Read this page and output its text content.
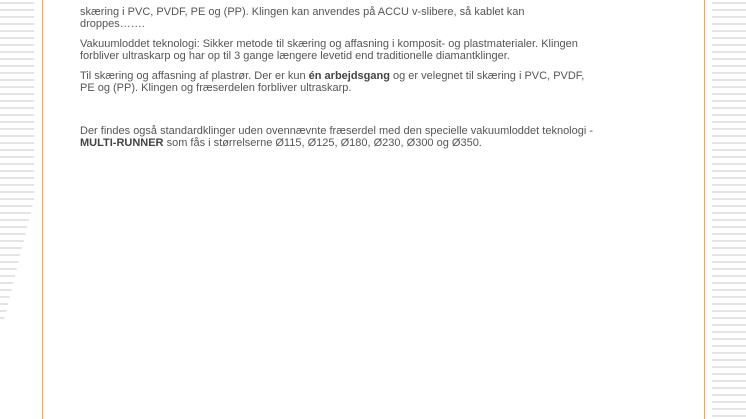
skæring i PVC, PVDF, PE og (PP). Klingen kan anvendes på ACCU v-slibere, så kablet kan
droppes…….

Vakuumloddet teknologi: Sikker metode til skæring og affasning i komposit- og plastmaterialer. Klingen
forbliver ultraskarp og har op til 3 gange længere levetid end traditionelle diamantklinger.

Til skæring og affasning af plastrør. Der er kun én arbejdsgang og er velegnet til skæring i PVC, PVDF,
PE og (PP). Klingen og fræserdelen forbliver ultraskarp.

Der findes også standardklinger uden ovennævnte fræserdel med den specielle vakuumloddet teknologi -
MULTI-RUNNER som fås i størrelserne Ø115, Ø125, Ø180, Ø230, Ø300 og Ø350.
